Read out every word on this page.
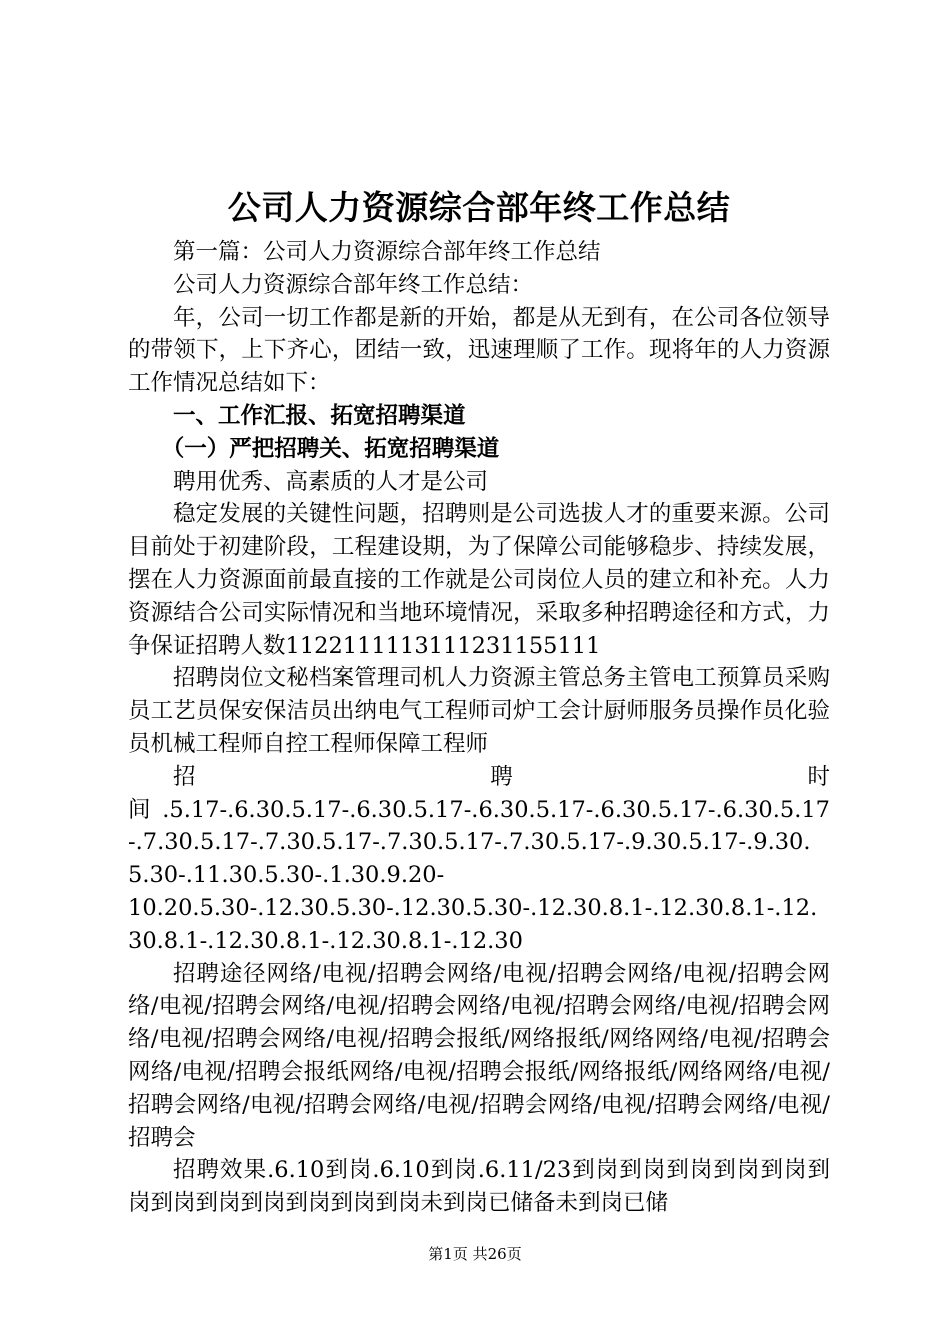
公司人力资源综合部年终工作总结

第一篇：公司人力资源综合部年终工作总结

公司人力资源综合部年终工作总结：

年，公司一切工作都是新的开始，都是从无到有，在公司各位领导的带领下，上下齐心，团结一致，迅速理顺了工作。现将年的人力资源工作情况总结如下：

一、工作汇报、拓宽招聘渠道

（一）严把招聘关、拓宽招聘渠道

聘用优秀、高素质的人才是公司

稳定发展的关键性问题，招聘则是公司选拔人才的重要来源。公司目前处于初建阶段，工程建设期，为了保障公司能够稳步、持续发展，摆在人力资源面前最直接的工作就是公司岗位人员的建立和补充。人力资源结合公司实际情况和当地环境情况，采取多种招聘途径和方式，力争保证招聘人数1122111113111231155111

招聘岗位文秘档案管理司机人力资源主管总务主管电工预算员采购员工艺员保安保洁员出纳电气工程师司炉工会计厨师服务员操作员化验员机械工程师自控工程师保障工程师

招	聘	时

间.5.17-.6.30.5.17-.6.30.5.17-.6.30.5.17-.6.30.5.17-.6.30.5.17-.7.30.5.17-.7.30.5.17-.7.30.5.17-.7.30.5.17-.9.30.5.17-.9.30.5.30-.11.30.5.30-.1.30.9.20-

10.20.5.30-.12.30.5.30-.12.30.5.30-.12.30.8.1-.12.30.8.1-.12.30.8.1-.12.30.8.1-.12.30.8.1-.12.30

招聘途径网络/电视/招聘会网络/电视/招聘会网络/电视/招聘会网络/电视/招聘会网络/电视/招聘会网络/电视/招聘会网络/电视/招聘会网络/电视/招聘会网络/电视/招聘会报纸/网络报纸/网络网络/电视/招聘会网络/电视/招聘会报纸网络/电视/招聘会报纸/网络报纸/网络网络/电视/招聘会网络/电视/招聘会网络/电视/招聘会网络/电视/招聘会网络/电视/招聘会

招聘效果.6.10到岗.6.10到岗.6.11/23到岗到岗到岗到岗到岗到岗到岗到岗到岗到岗到岗到岗未到岗已储备未到岗已储

第1页 共26页
